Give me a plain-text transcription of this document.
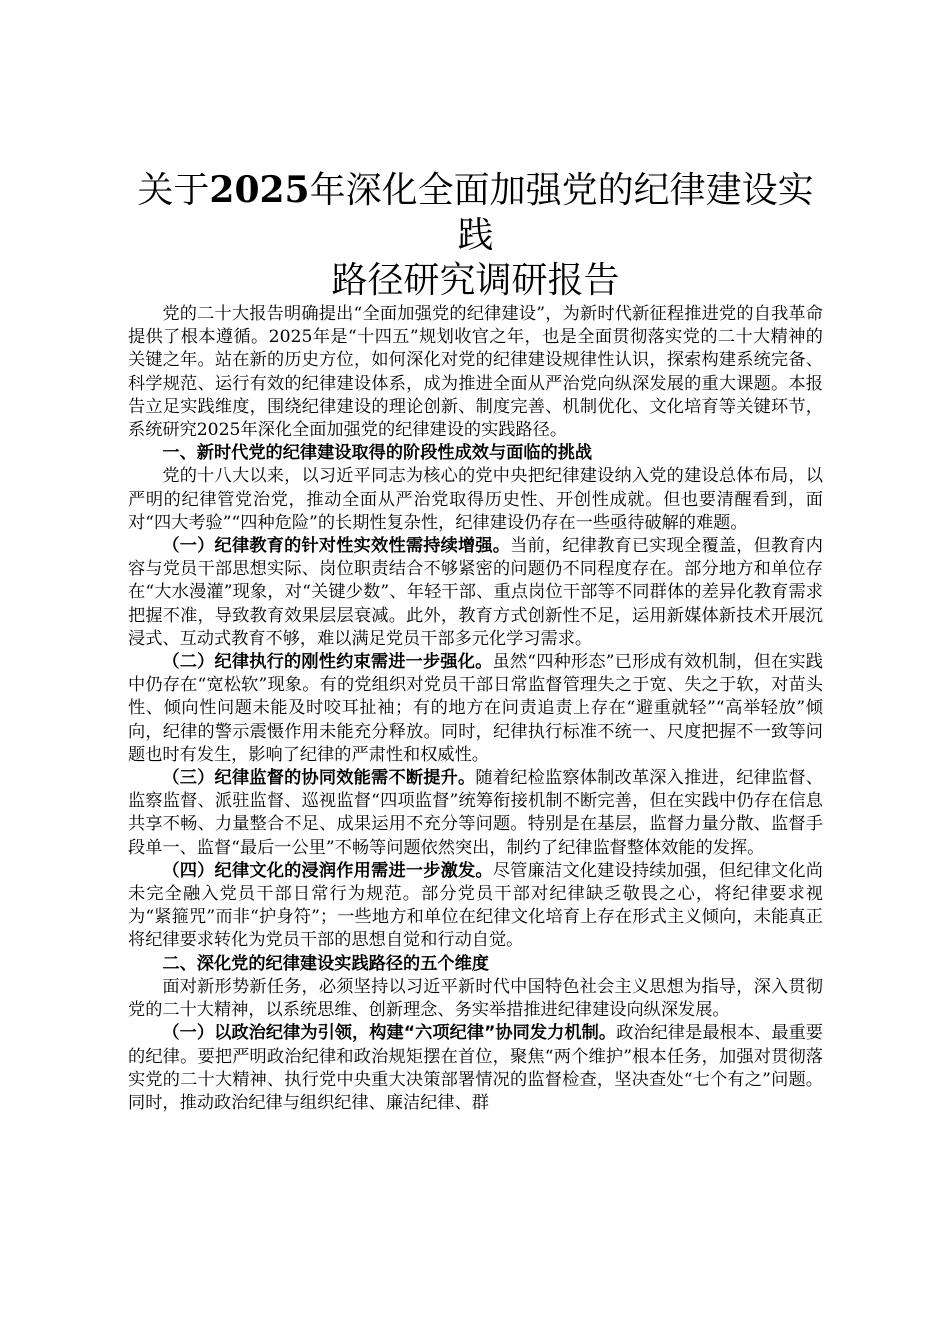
关于2025年深化全面加强党的纪律建设实践
路径研究调研报告

党的二十大报告明确提出“全面加强党的纪律建设”，为新时代新征程推进党的自我革命提供了根本遵循。2025年是“十四五”规划收官之年，也是全面贯彻落实党的二十大精神的关键之年。站在新的历史方位，如何深化对党的纪律建设规律性认识，探索构建系统完备、科学规范、运行有效的纪律建设体系，成为推进全面从严治党向纵深发展的重大课题。本报告立足实践维度，围绕纪律建设的理论创新、制度完善、机制优化、文化培育等关键环节，系统研究2025年深化全面加强党的纪律建设的实践路径。

一、新时代党的纪律建设取得的阶段性成效与面临的挑战

党的十八大以来，以习近平同志为核心的党中央把纪律建设纳入党的建设总体布局，以严明的纪律管党治党，推动全面从严治党取得历史性、开创性成就。但也要清醒看到，面对“四大考验”“四种危险”的长期性复杂性，纪律建设仍存在一些亟待破解的难题。

（一）纪律教育的针对性实效性需持续增强。当前，纪律教育已实现全覆盖，但教育内容与党员干部思想实际、岗位职责结合不够紧密的问题仍不同程度存在。部分地方和单位存在“大水漫灌”现象，对“关键少数”、年轻干部、重点岗位干部等不同群体的差异化教育需求把握不准，导致教育效果层层衰减。此外，教育方式创新性不足，运用新媒体新技术开展沉浸式、互动式教育不够，难以满足党员干部多元化学习需求。

（二）纪律执行的刚性约束需进一步强化。虽然“四种形态”已形成有效机制，但在实践中仍存在“宽松软”现象。有的党组织对党员干部日常监督管理失之于宽、失之于软，对苗头性、倾向性问题未能及时咬耳扯袖；有的地方在问责追责上存在“避重就轻”“高举轻放”倾向，纪律的警示震慑作用未能充分释放。同时，纪律执行标准不统一、尺度把握不一致等问题也时有发生，影响了纪律的严肃性和权威性。

（三）纪律监督的协同效能需不断提升。随着纪检监察体制改革深入推进，纪律监督、监察监督、派驻监督、巡视监督“四项监督”统筹衔接机制不断完善，但在实践中仍存在信息共享不畅、力量整合不足、成果运用不充分等问题。特别是在基层，监督力量分散、监督手段单一、监督“最后一公里”不畅等问题依然突出，制约了纪律监督整体效能的发挥。

（四）纪律文化的浸润作用需进一步激发。尽管廉洁文化建设持续加强，但纪律文化尚未完全融入党员干部日常行为规范。部分党员干部对纪律缺乏敬畏之心，将纪律要求视为“紧箍咒”而非“护身符”；一些地方和单位在纪律文化培育上存在形式主义倾向，未能真正将纪律要求转化为党员干部的思想自觉和行动自觉。

二、深化党的纪律建设实践路径的五个维度

面对新形势新任务，必须坚持以习近平新时代中国特色社会主义思想为指导，深入贯彻党的二十大精神，以系统思维、创新理念、务实举措推进纪律建设向纵深发展。

（一）以政治纪律为引领，构建“六项纪律”协同发力机制。政治纪律是最根本、最重要的纪律。要把严明政治纪律和政治规矩摆在首位，聚焦“两个维护”根本任务，加强对贯彻落实党的二十大精神、执行党中央重大决策部署情况的监督检查，坚决查处“七个有之”问题。同时，推动政治纪律与组织纪律、廉洁纪律、群
